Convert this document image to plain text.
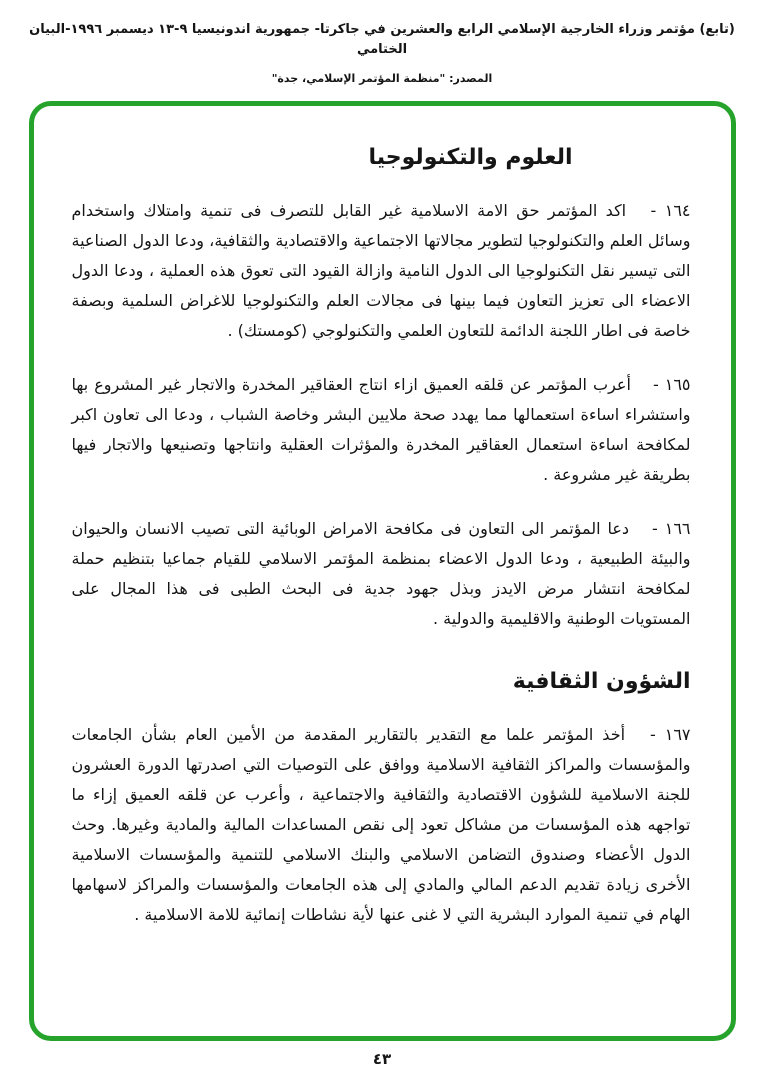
(تابع) مؤتمر وزراء الخارجية الإسلامي الرابع والعشرين في جاكرتا- جمهورية اندونيسيا ٩-١٣ ديسمبر ١٩٩٦-البيان الختامي
المصدر: "منظمة المؤتمر الإسلامي، جدة"
العلوم والتكنولوجيا

١٦٤ - اكد المؤتمر حق الامة الاسلامية غير القابل للتصرف فى تنمية وامتلاك واستخدام وسائل العلم والتكنولوجيا لتطوير مجالاتها الاجتماعية والاقتصادية والثقافية، ودعا الدول الصناعية التى تيسير نقل التكنولوجيا الى الدول النامية وازالة القيود التى تعوق هذه العملية ، ودعا الدول الاعضاء الى تعزيز التعاون فيما بينها فى مجالات العلم والتكنولوجيا للاغراض السلمية وبصفة خاصة فى اطار اللجنة الدائمة للتعاون العلمي والتكنولوجي (كومستك) .

١٦٥ - أعرب المؤتمر عن قلقه العميق ازاء انتاج العقاقير المخدرة والاتجار غير المشروع بها واستشراء اساءة استعمالها مما يهدد صحة ملايين البشر وخاصة الشباب ، ودعا الى تعاون اكبر لمكافحة اساءة استعمال العقاقير المخدرة والمؤثرات العقلية وانتاجها وتصنيعها والاتجار فيها بطريقة غير مشروعة .

١٦٦ - دعا المؤتمر الى التعاون فى مكافحة الامراض الوبائية التى تصيب الانسان والحيوان والبيئة الطبيعية ، ودعا الدول الاعضاء بمنظمة المؤتمر الاسلامي للقيام جماعيا بتنظيم حملة لمكافحة انتشار مرض الايدز وبذل جهود جدية فى البحث الطبى فى هذا المجال على المستويات الوطنية والاقليمية والدولية .

الشؤون الثقافية

١٦٧ - أخذ المؤتمر علما مع التقدير بالتقارير المقدمة من الأمين العام بشأن الجامعات والمؤسسات والمراكز الثقافية الاسلامية ووافق على التوصيات التي اصدرتها الدورة العشرون للجنة الاسلامية للشؤون الاقتصادية والثقافية والاجتماعية ، وأعرب عن قلقه العميق إزاء ما تواجهه هذه المؤسسات من مشاكل تعود إلى نقص المساعدات المالية والمادية وغيرها. وحث الدول الأعضاء وصندوق التضامن الاسلامي والبنك الاسلامي للتنمية والمؤسسات الاسلامية الأخرى زيادة تقديم الدعم المالي والمادي إلى هذه الجامعات والمؤسسات والمراكز لاسهامها الهام في تنمية الموارد البشرية التي لا غنى عنها لأية نشاطات إنمائية للامة الاسلامية .

٤٣
